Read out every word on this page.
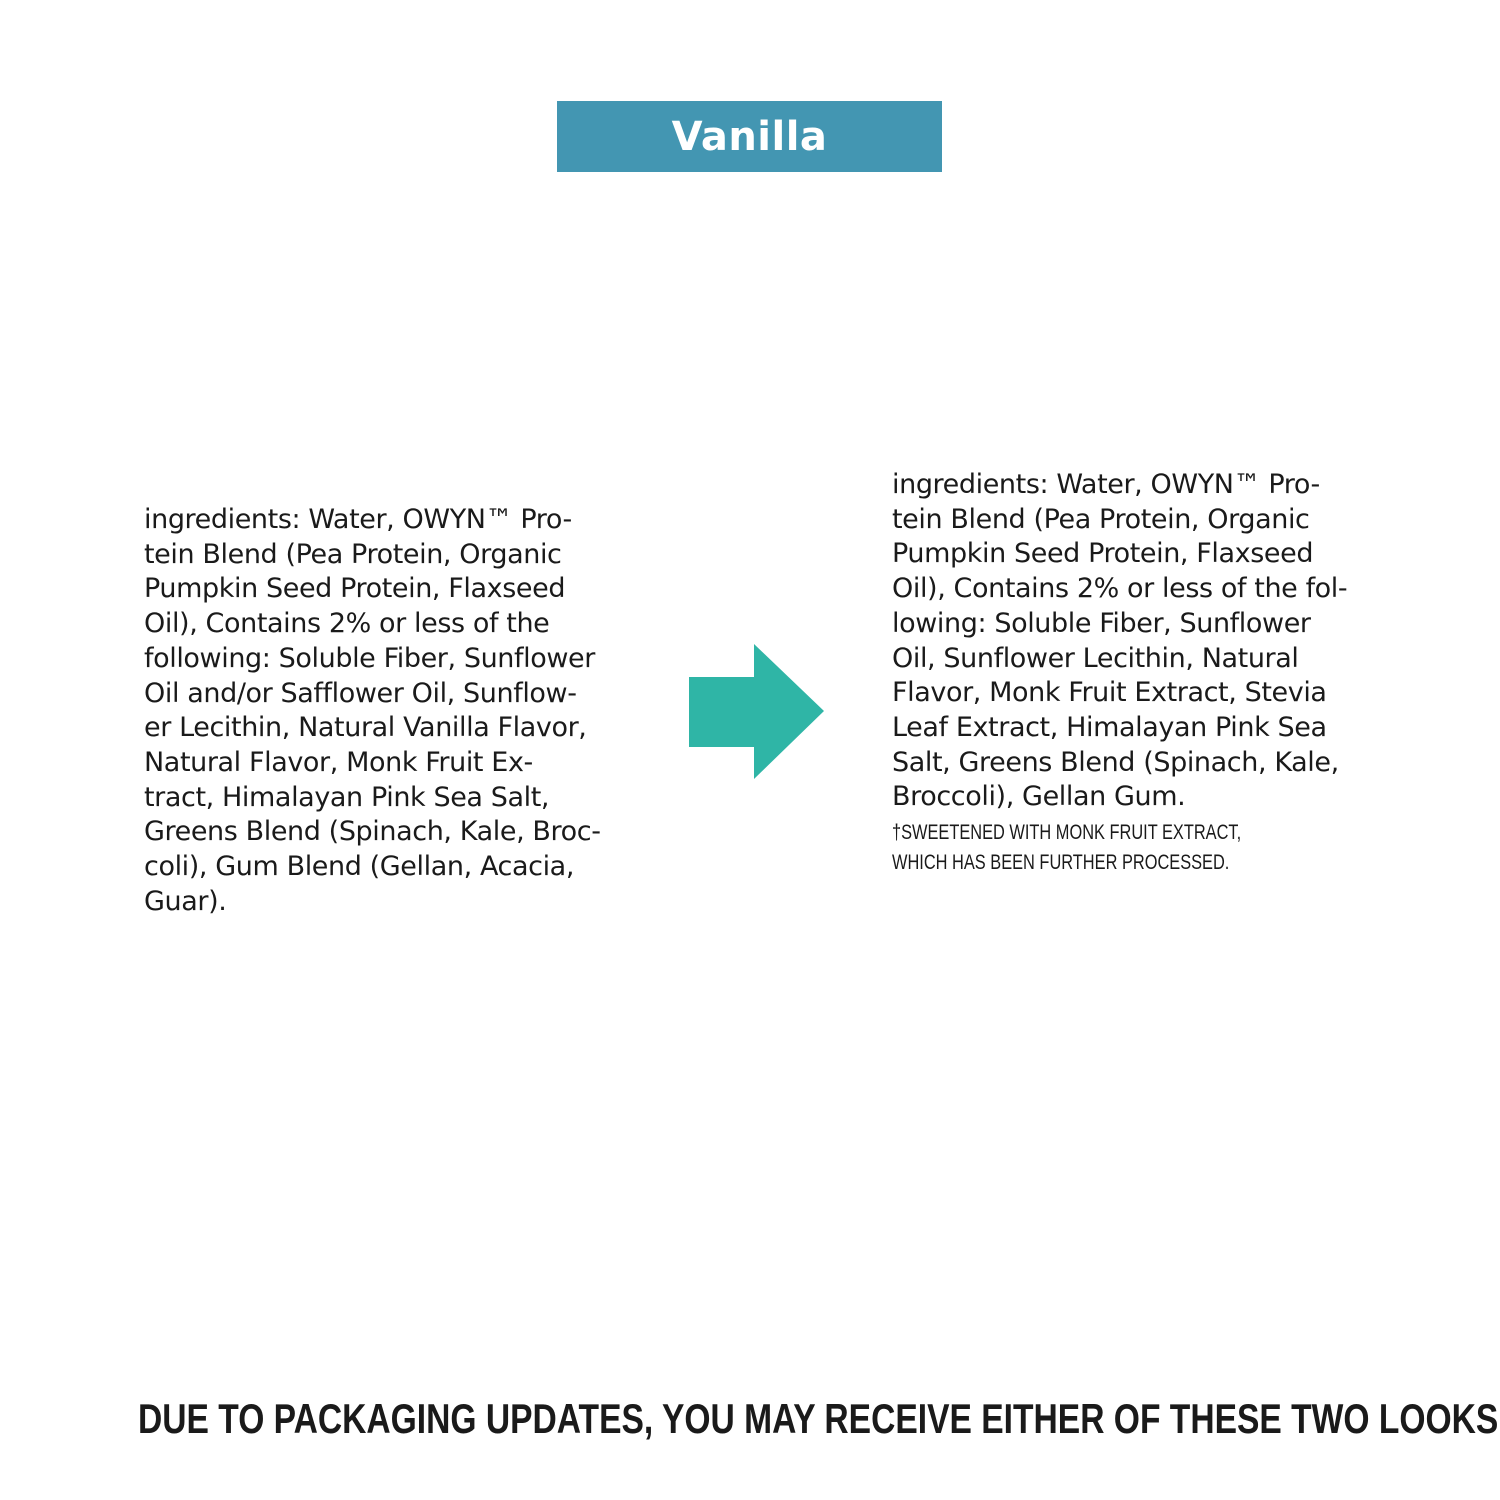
Vanilla
ingredients: Water, OWYN™ Pro-
tein Blend (Pea Protein, Organic
Pumpkin Seed Protein, Flaxseed
Oil), Contains 2% or less of the
following: Soluble Fiber, Sunflower
Oil and/or Safflower Oil, Sunflow-
er Lecithin, Natural Vanilla Flavor,
Natural Flavor, Monk Fruit Ex-
tract, Himalayan Pink Sea Salt,
Greens Blend (Spinach, Kale, Broc-
coli), Gum Blend (Gellan, Acacia,
Guar).
ingredients: Water, OWYN™ Pro-
tein Blend (Pea Protein, Organic
Pumpkin Seed Protein, Flaxseed
Oil), Contains 2% or less of the fol-
lowing: Soluble Fiber, Sunflower
Oil, Sunflower Lecithin, Natural
Flavor, Monk Fruit Extract, Stevia
Leaf Extract, Himalayan Pink Sea
Salt, Greens Blend (Spinach, Kale,
Broccoli), Gellan Gum.
†SWEETENED WITH MONK FRUIT EXTRACT,
WHICH HAS BEEN FURTHER PROCESSED.
DUE TO PACKAGING UPDATES, YOU MAY RECEIVE EITHER OF THESE TWO LOOKS
